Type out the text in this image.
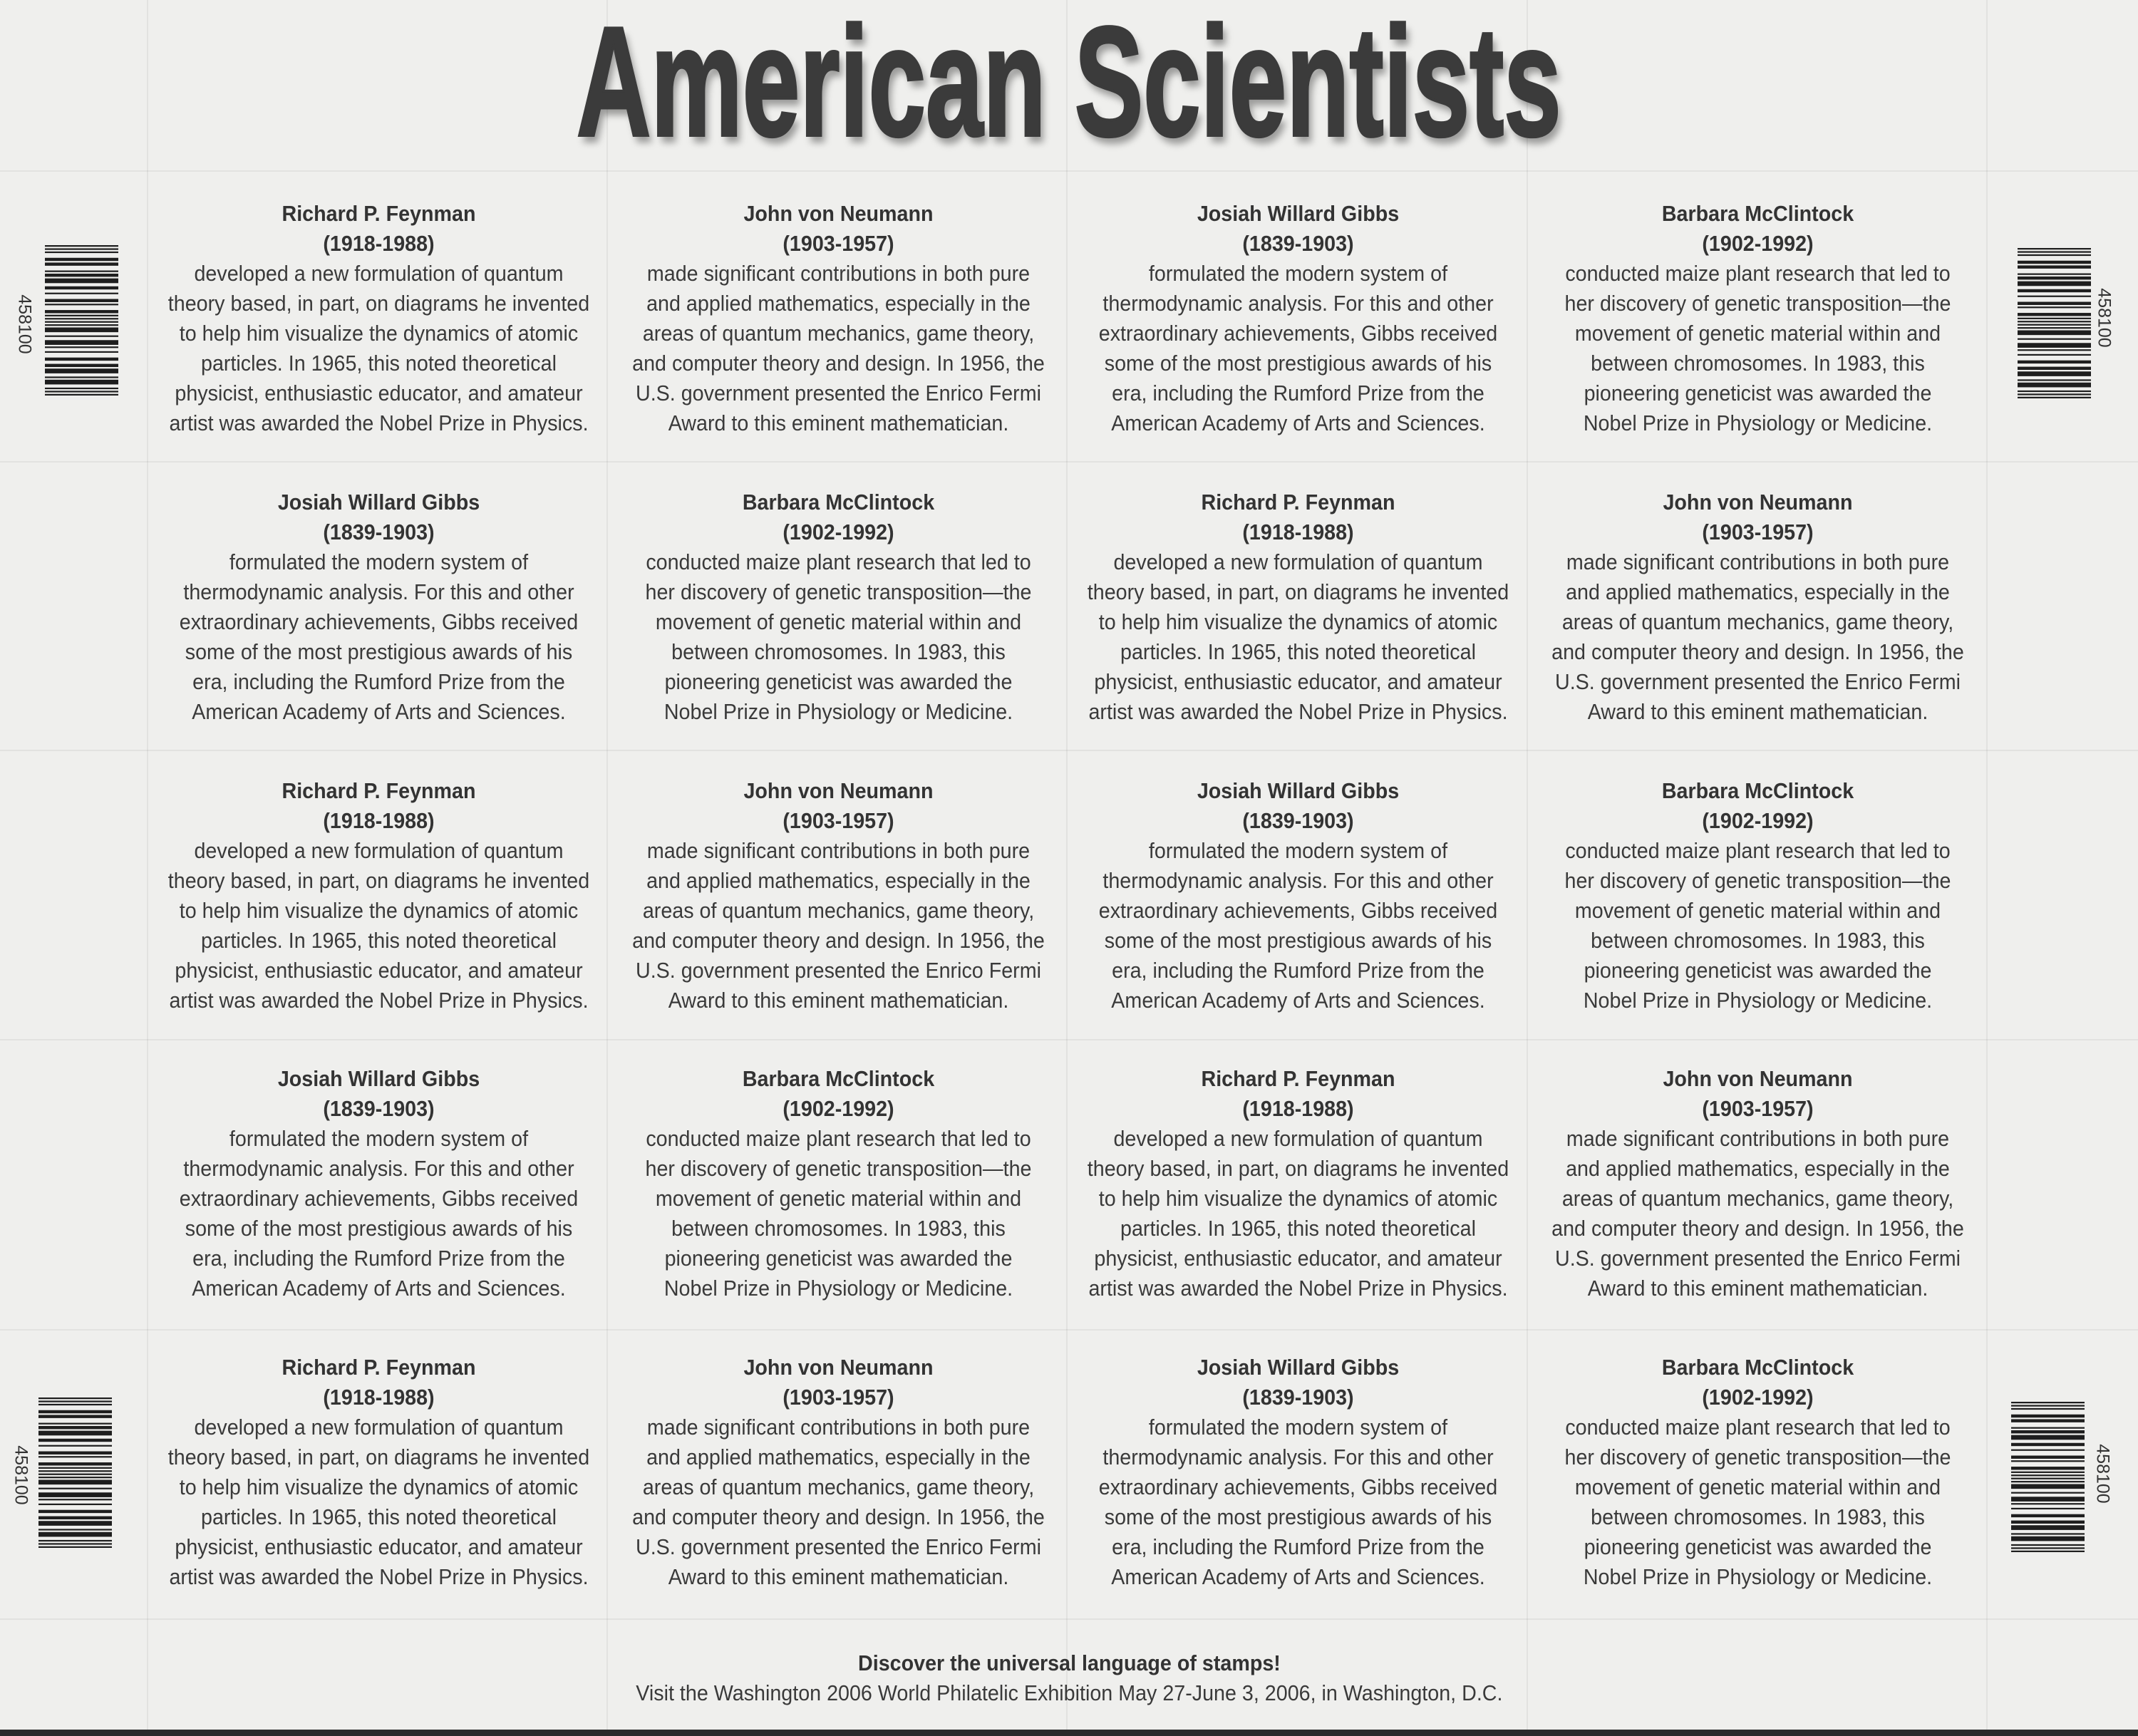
American Scientists
Richard P. Feynman
(1918-1988)
developed a new formulation of quantum
theory based, in part, on diagrams he invented
to help him visualize the dynamics of atomic
particles. In 1965, this noted theoretical
physicist, enthusiastic educator, and amateur
artist was awarded the Nobel Prize in Physics.
John von Neumann
(1903-1957)
made significant contributions in both pure
and applied mathematics, especially in the
areas of quantum mechanics, game theory,
and computer theory and design. In 1956, the
U.S. government presented the Enrico Fermi
Award to this eminent mathematician.
Josiah Willard Gibbs
(1839-1903)
formulated the modern system of
thermodynamic analysis. For this and other
extraordinary achievements, Gibbs received
some of the most prestigious awards of his
era, including the Rumford Prize from the
American Academy of Arts and Sciences.
Barbara McClintock
(1902-1992)
conducted maize plant research that led to
her discovery of genetic transposition—the
movement of genetic material within and
between chromosomes. In 1983, this
pioneering geneticist was awarded the
Nobel Prize in Physiology or Medicine.
Josiah Willard Gibbs
(1839-1903)
formulated the modern system of
thermodynamic analysis. For this and other
extraordinary achievements, Gibbs received
some of the most prestigious awards of his
era, including the Rumford Prize from the
American Academy of Arts and Sciences.
Barbara McClintock
(1902-1992)
conducted maize plant research that led to
her discovery of genetic transposition—the
movement of genetic material within and
between chromosomes. In 1983, this
pioneering geneticist was awarded the
Nobel Prize in Physiology or Medicine.
Richard P. Feynman
(1918-1988)
developed a new formulation of quantum
theory based, in part, on diagrams he invented
to help him visualize the dynamics of atomic
particles. In 1965, this noted theoretical
physicist, enthusiastic educator, and amateur
artist was awarded the Nobel Prize in Physics.
John von Neumann
(1903-1957)
made significant contributions in both pure
and applied mathematics, especially in the
areas of quantum mechanics, game theory,
and computer theory and design. In 1956, the
U.S. government presented the Enrico Fermi
Award to this eminent mathematician.
Richard P. Feynman
(1918-1988)
developed a new formulation of quantum
theory based, in part, on diagrams he invented
to help him visualize the dynamics of atomic
particles. In 1965, this noted theoretical
physicist, enthusiastic educator, and amateur
artist was awarded the Nobel Prize in Physics.
John von Neumann
(1903-1957)
made significant contributions in both pure
and applied mathematics, especially in the
areas of quantum mechanics, game theory,
and computer theory and design. In 1956, the
U.S. government presented the Enrico Fermi
Award to this eminent mathematician.
Josiah Willard Gibbs
(1839-1903)
formulated the modern system of
thermodynamic analysis. For this and other
extraordinary achievements, Gibbs received
some of the most prestigious awards of his
era, including the Rumford Prize from the
American Academy of Arts and Sciences.
Barbara McClintock
(1902-1992)
conducted maize plant research that led to
her discovery of genetic transposition—the
movement of genetic material within and
between chromosomes. In 1983, this
pioneering geneticist was awarded the
Nobel Prize in Physiology or Medicine.
Josiah Willard Gibbs
(1839-1903)
formulated the modern system of
thermodynamic analysis. For this and other
extraordinary achievements, Gibbs received
some of the most prestigious awards of his
era, including the Rumford Prize from the
American Academy of Arts and Sciences.
Barbara McClintock
(1902-1992)
conducted maize plant research that led to
her discovery of genetic transposition—the
movement of genetic material within and
between chromosomes. In 1983, this
pioneering geneticist was awarded the
Nobel Prize in Physiology or Medicine.
Richard P. Feynman
(1918-1988)
developed a new formulation of quantum
theory based, in part, on diagrams he invented
to help him visualize the dynamics of atomic
particles. In 1965, this noted theoretical
physicist, enthusiastic educator, and amateur
artist was awarded the Nobel Prize in Physics.
John von Neumann
(1903-1957)
made significant contributions in both pure
and applied mathematics, especially in the
areas of quantum mechanics, game theory,
and computer theory and design. In 1956, the
U.S. government presented the Enrico Fermi
Award to this eminent mathematician.
Richard P. Feynman
(1918-1988)
developed a new formulation of quantum
theory based, in part, on diagrams he invented
to help him visualize the dynamics of atomic
particles. In 1965, this noted theoretical
physicist, enthusiastic educator, and amateur
artist was awarded the Nobel Prize in Physics.
John von Neumann
(1903-1957)
made significant contributions in both pure
and applied mathematics, especially in the
areas of quantum mechanics, game theory,
and computer theory and design. In 1956, the
U.S. government presented the Enrico Fermi
Award to this eminent mathematician.
Josiah Willard Gibbs
(1839-1903)
formulated the modern system of
thermodynamic analysis. For this and other
extraordinary achievements, Gibbs received
some of the most prestigious awards of his
era, including the Rumford Prize from the
American Academy of Arts and Sciences.
Barbara McClintock
(1902-1992)
conducted maize plant research that led to
her discovery of genetic transposition—the
movement of genetic material within and
between chromosomes. In 1983, this
pioneering geneticist was awarded the
Nobel Prize in Physiology or Medicine.
458100	458100
458100	458100
Discover the universal language of stamps!
Visit the Washington 2006 World Philatelic Exhibition May 27-June 3, 2006, in Washington, D.C.
